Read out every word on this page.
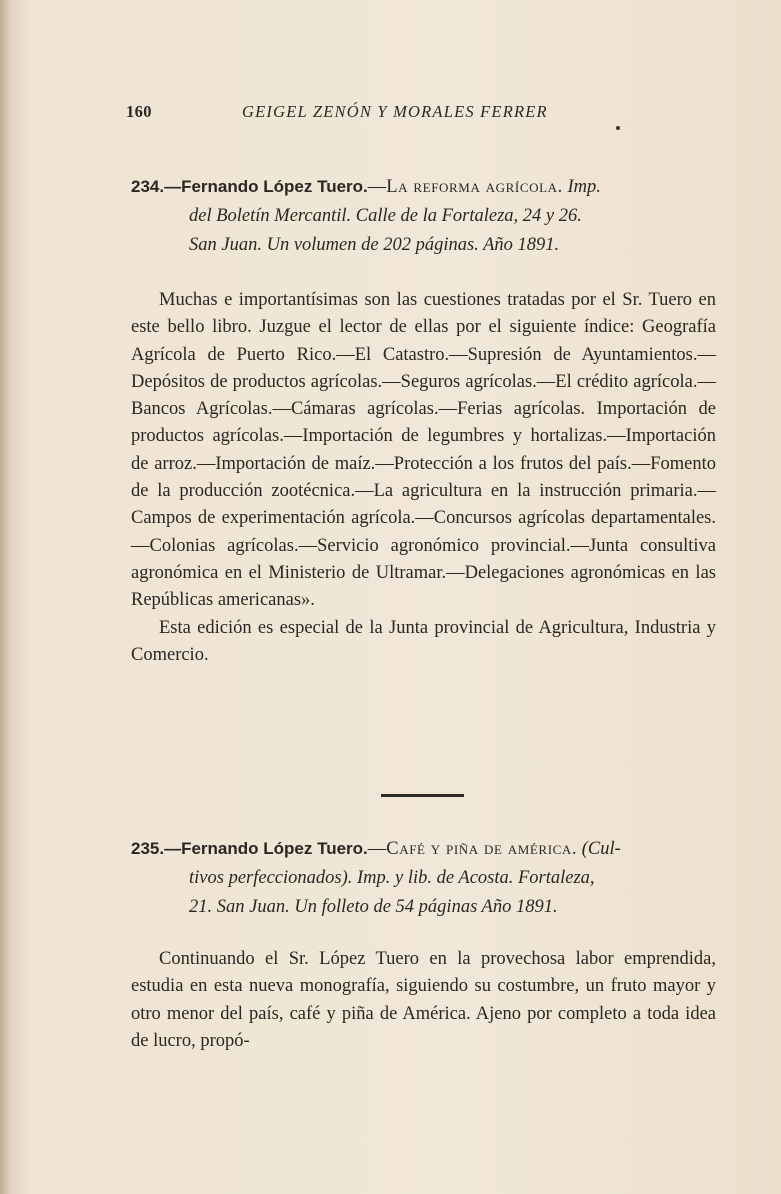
160	GEIGEL ZENÓN Y MORALES FERRER
234.—Fernando López Tuero.—La reforma agrícola. Imp.
del Boletín Mercantil. Calle de la Fortaleza, 24 y 26.
San Juan. Un volumen de 202 páginas. Año 1891.

Muchas e importantísimas son las cuestiones tratadas por el Sr. Tuero en este bello libro. Juzgue el lector de ellas por el siguiente índice: Geografía Agrícola de Puerto Rico.—El Catastro.—Supresión de Ayuntamientos.—Depósitos de productos agrícolas.—Seguros agrícolas.—El crédito agrícola.—Bancos Agrícolas.—Cámaras agrícolas.—Ferias agrícolas. Importación de productos agrícolas.—Importación de legumbres y hortalizas.—Importación de arroz.—Importación de maíz.—Protección a los frutos del país.—Fomento de la producción zootécnica.—La agricultura en la instrucción primaria.—Campos de experimentación agrícola.—Concursos agrícolas departamentales.—Colonias agrícolas.—Servicio agronómico provincial.—Junta consultiva agronómica en el Ministerio de Ultramar.—Delegaciones agronómicas en las Repúblicas americanas».

Esta edición es especial de la Junta provincial de Agricultura, Industria y Comercio.

235.—Fernando López Tuero.—Café y piña de américa. (Cul-
tivos perfeccionados). Imp. y lib. de Acosta. Fortaleza,
21. San Juan. Un folleto de 54 páginas Año 1891.

Continuando el Sr. López Tuero en la provechosa labor emprendida, estudia en esta nueva monografía, siguiendo su costumbre, un fruto mayor y otro menor del país, café y piña de América. Ajeno por completo a toda idea de lucro, propó-
